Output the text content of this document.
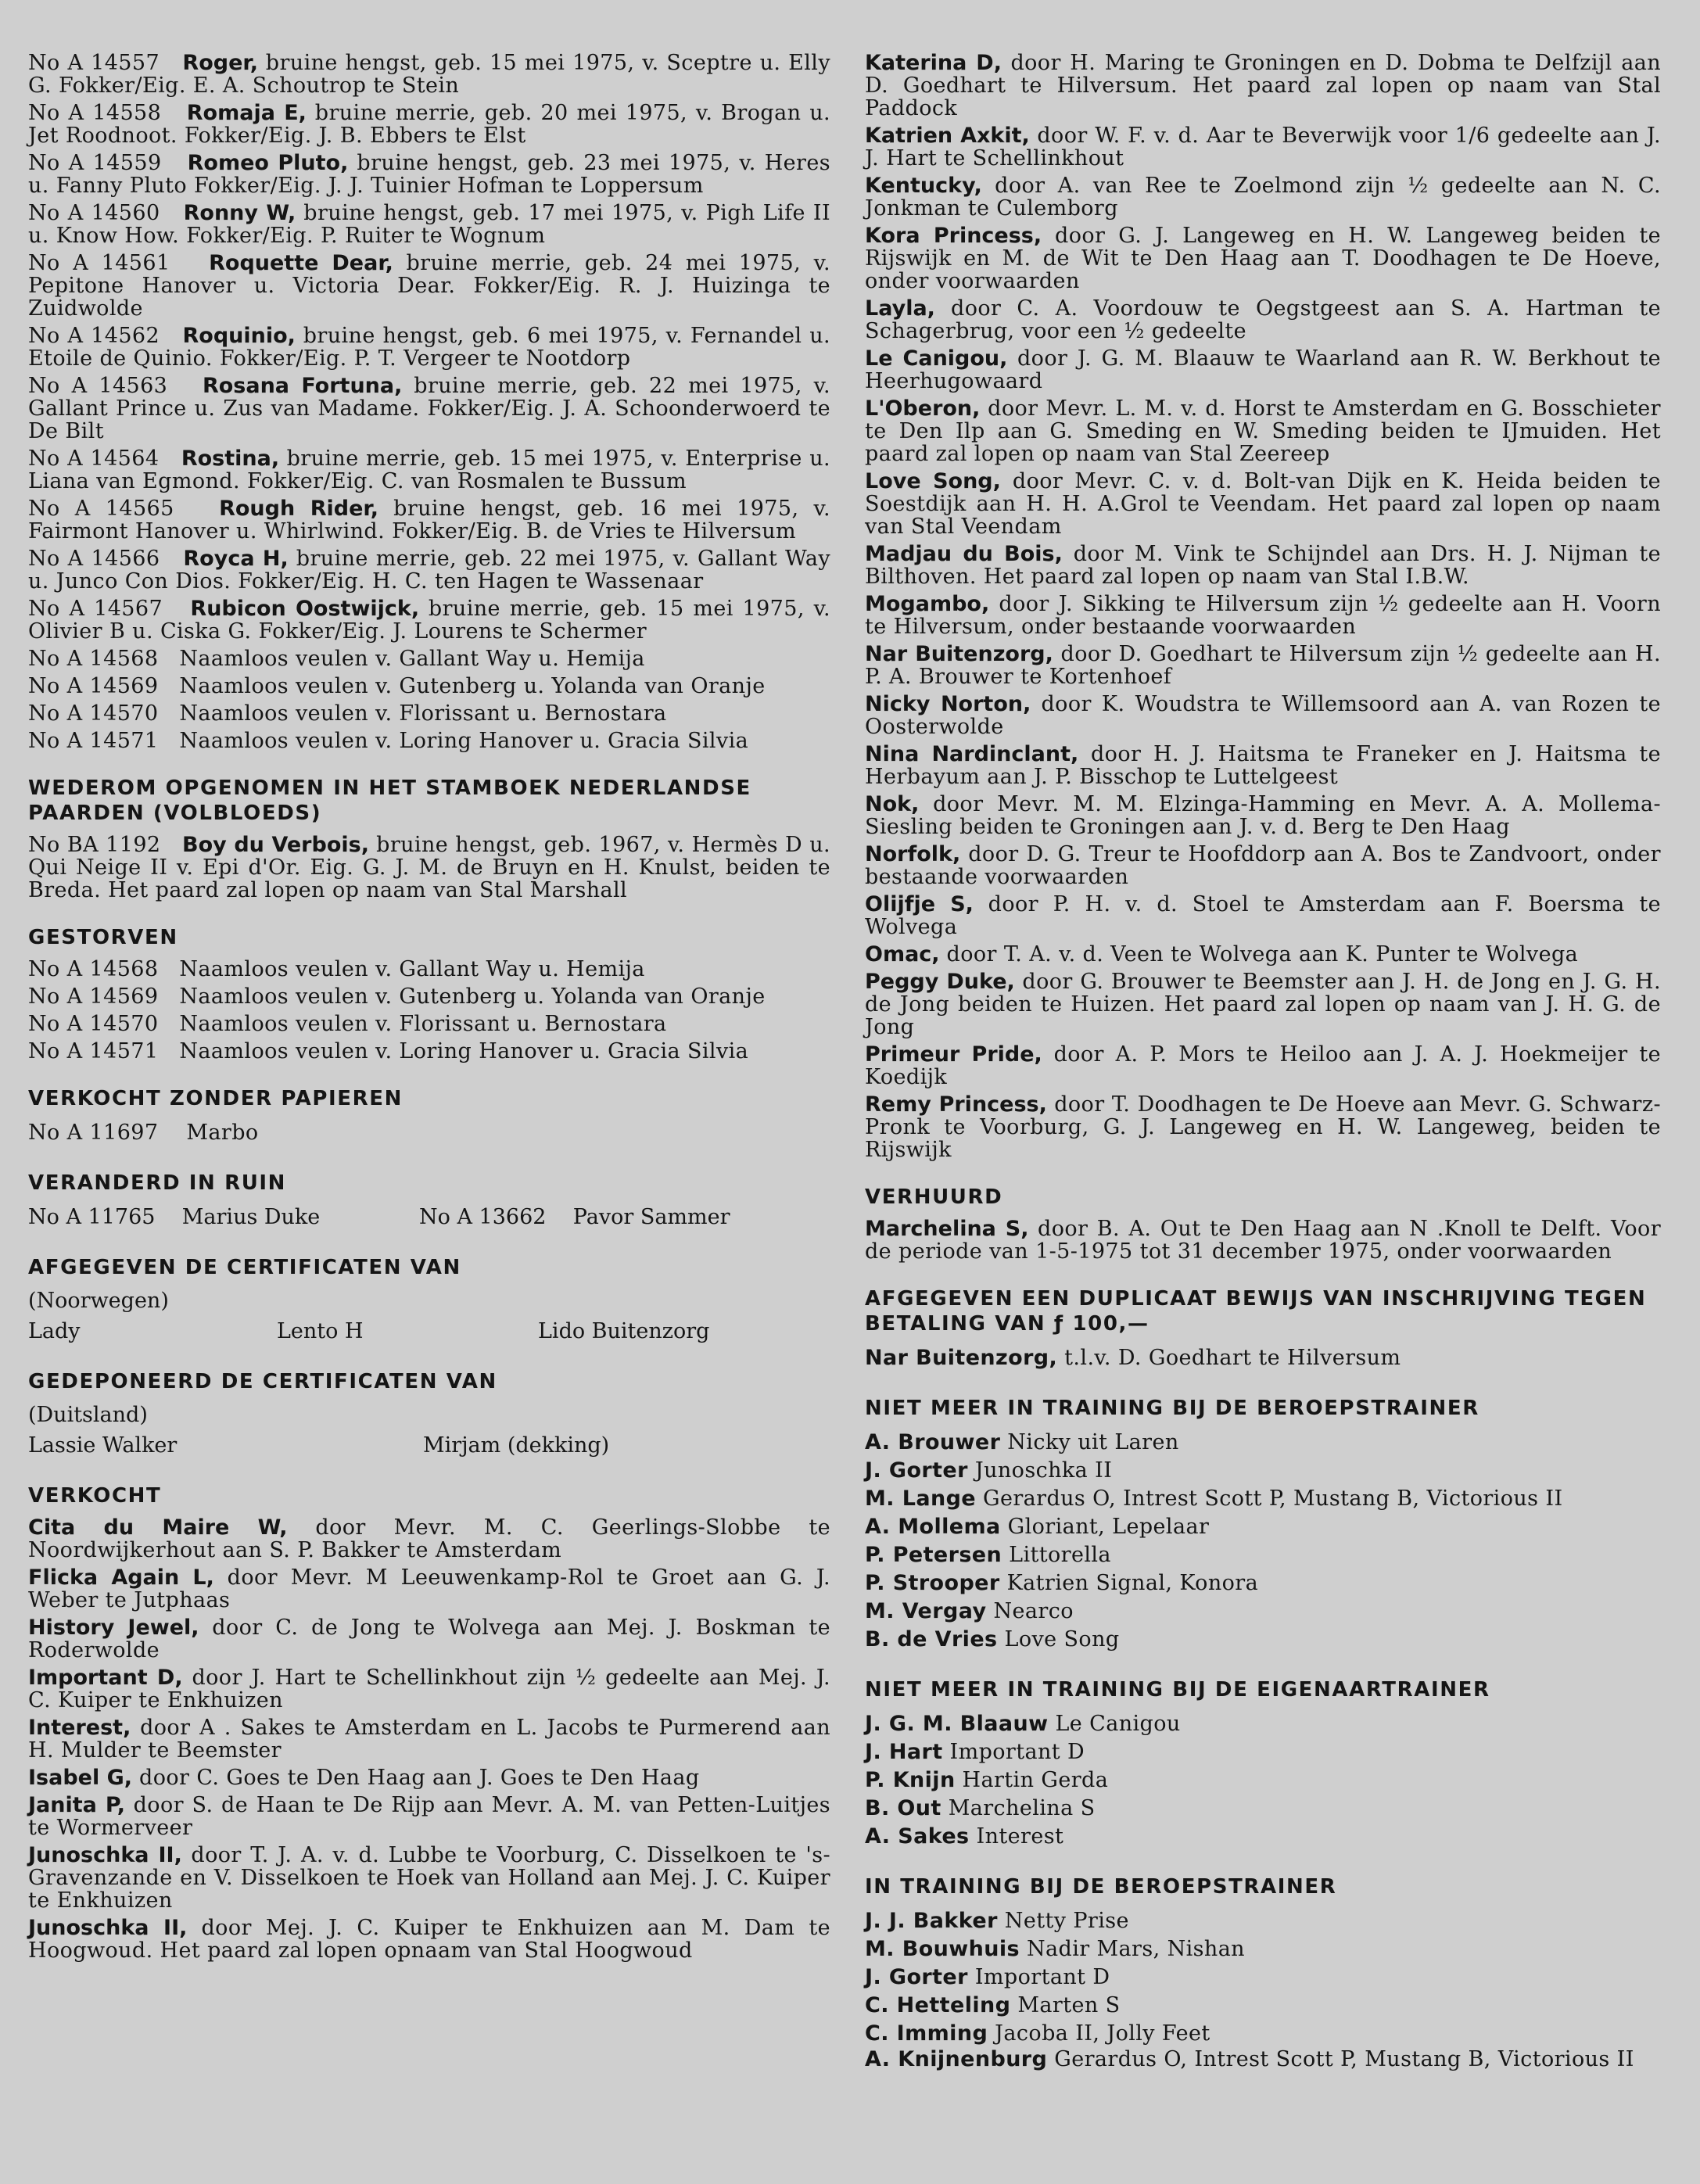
No A 14557 Roger, bruine hengst, geb. 15 mei 1975, v. Sceptre u. Elly G. Fokker/Eig. E. A. Schoutrop te Stein

No A 14558 Romaja E, bruine merrie, geb. 20 mei 1975, v. Brogan u. Jet Roodnoot. Fokker/Eig. J. B. Ebbers te Elst

No A 14559 Romeo Pluto, bruine hengst, geb. 23 mei 1975, v. Heres u. Fanny Pluto Fokker/Eig. J. J. Tuinier Hofman te Loppersum

No A 14560 Ronny W, bruine hengst, geb. 17 mei 1975, v. Pigh Life II u. Know How. Fokker/Eig. P. Ruiter te Wognum

No A 14561 Roquette Dear, bruine merrie, geb. 24 mei 1975, v. Pepitone Hanover u. Victoria Dear. Fokker/Eig. R. J. Huizinga te Zuidwolde

No A 14562 Roquinio, bruine hengst, geb. 6 mei 1975, v. Fernandel u. Etoile de Quinio. Fokker/Eig. P. T. Vergeer te Nootdorp

No A 14563 Rosana Fortuna, bruine merrie, geb. 22 mei 1975, v. Gallant Prince u. Zus van Madame. Fokker/Eig. J. A. Schoonderwoerd te De Bilt

No A 14564 Rostina, bruine merrie, geb. 15 mei 1975, v. Enterprise u. Liana van Egmond. Fokker/Eig. C. van Rosmalen te Bussum

No A 14565 Rough Rider, bruine hengst, geb. 16 mei 1975, v. Fairmont Hanover u. Whirlwind. Fokker/Eig. B. de Vries te Hilversum

No A 14566 Royca H, bruine merrie, geb. 22 mei 1975, v. Gallant Way u. Junco Con Dios. Fokker/Eig. H. C. ten Hagen te Wassenaar

No A 14567 Rubicon Oostwijck, bruine merrie, geb. 15 mei 1975, v. Olivier B u. Ciska G. Fokker/Eig. J. Lourens te Schermer

No A 14568   Naamloos veulen v. Gallant Way u. Hemija

No A 14569   Naamloos veulen v. Gutenberg u. Yolanda van Oranje

No A 14570   Naamloos veulen v. Florissant u. Bernostara

No A 14571   Naamloos veulen v. Loring Hanover u. Gracia Silvia

WEDEROM OPGENOMEN IN HET STAMBOEK NEDERLANDSE PAARDEN (VOLBLOEDS)

No BA 1192 Boy du Verbois, bruine hengst, geb. 1967, v. Hermès D u. Qui Neige II v. Epi d'Or. Eig. G. J. M. de Bruyn en H. Knulst, beiden te Breda. Het paard zal lopen op naam van Stal Marshall

GESTORVEN

No A 14568   Naamloos veulen v. Gallant Way u. Hemija

No A 14569   Naamloos veulen v. Gutenberg u. Yolanda van Oranje

No A 14570   Naamloos veulen v. Florissant u. Bernostara

No A 14571   Naamloos veulen v. Loring Hanover u. Gracia Silvia

VERKOCHT ZONDER PAPIEREN
No A 11697 Marbo
VERANDERD IN RUIN
No A 11765 Marius Duke	No A 13662 Pavor Sammer
AFGEGEVEN DE CERTIFICATEN VAN
(Noorwegen)
Lady	Lento H	Lido Buitenzorg
GEDEPONEERD DE CERTIFICATEN VAN
(Duitsland)
Lassie Walker	Mirjam (dekking)
VERKOCHT

Cita du Maire W, door Mevr. M. C. Geerlings-Slobbe te Noordwijkerhout aan S. P. Bakker te Amsterdam

Flicka Again L, door Mevr. M Leeuwenkamp-Rol te Groet aan G. J. Weber te Jutphaas

History Jewel, door C. de Jong te Wolvega aan Mej. J. Boskman te Roderwolde

Important D, door J. Hart te Schellinkhout zijn ½ gedeelte aan Mej. J. C. Kuiper te Enkhuizen

Interest, door A . Sakes te Amsterdam en L. Jacobs te Purmerend aan H. Mulder te Beemster

Isabel G, door C. Goes te Den Haag aan J. Goes te Den Haag

Janita P, door S. de Haan te De Rijp aan Mevr. A. M. van Petten-Luitjes te Wormerveer

Junoschka II, door T. J. A. v. d. Lubbe te Voorburg, C. Disselkoen te 's-Gravenzande en V. Disselkoen te Hoek van Holland aan Mej. J. C. Kuiper te Enkhuizen

Junoschka II, door Mej. J. C. Kuiper te Enkhuizen aan M. Dam te Hoogwoud. Het paard zal lopen opnaam van Stal Hoogwoud

Katerina D, door H. Maring te Groningen en D. Dobma te Delfzijl aan D. Goedhart te Hilversum. Het paard zal lopen op naam van Stal Paddock

Katrien Axkit, door W. F. v. d. Aar te Beverwijk voor 1/6 gedeelte aan J. J. Hart te Schellinkhout

Kentucky, door A. van Ree te Zoelmond zijn ½ gedeelte aan N. C. Jonkman te Culemborg

Kora Princess, door G. J. Langeweg en H. W. Langeweg beiden te Rijswijk en M. de Wit te Den Haag aan T. Doodhagen te De Hoeve, onder voorwaarden

Layla, door C. A. Voordouw te Oegstgeest aan S. A. Hartman te Schagerbrug, voor een ½ gedeelte

Le Canigou, door J. G. M. Blaauw te Waarland aan R. W. Berkhout te Heerhugowaard

L'Oberon, door Mevr. L. M. v. d. Horst te Amsterdam en G. Bosschieter te Den Ilp aan G. Smeding en W. Smeding beiden te IJmuiden. Het paard zal lopen op naam van Stal Zeereep

Love Song, door Mevr. C. v. d. Bolt-van Dijk en K. Heida beiden te Soestdijk aan H. H. A.Grol te Veendam. Het paard zal lopen op naam van Stal Veendam

Madjau du Bois, door M. Vink te Schijndel aan Drs. H. J. Nijman te Bilthoven. Het paard zal lopen op naam van Stal I.B.W.

Mogambo, door J. Sikking te Hilversum zijn ½ gedeelte aan H. Voorn te Hilversum, onder bestaande voorwaarden

Nar Buitenzorg, door D. Goedhart te Hilversum zijn ½ gedeelte aan H. P. A. Brouwer te Kortenhoef

Nicky Norton, door K. Woudstra te Willemsoord aan A. van Rozen te Oosterwolde

Nina Nardinclant, door H. J. Haitsma te Franeker en J. Haitsma te Herbayum aan J. P. Bisschop te Luttelgeest

Nok, door Mevr. M. M. Elzinga-Hamming en Mevr. A. A. Mollema-Siesling beiden te Groningen aan J. v. d. Berg te Den Haag

Norfolk, door D. G. Treur te Hoofddorp aan A. Bos te Zandvoort, onder bestaande voorwaarden

Olijfje S, door P. H. v. d. Stoel te Amsterdam aan F. Boersma te Wolvega

Omac, door T. A. v. d. Veen te Wolvega aan K. Punter te Wolvega

Peggy Duke, door G. Brouwer te Beemster aan J. H. de Jong en J. G. H. de Jong beiden te Huizen. Het paard zal lopen op naam van J. H. G. de Jong

Primeur Pride, door A. P. Mors te Heiloo aan J. A. J. Hoekmeijer te Koedijk

Remy Princess, door T. Doodhagen te De Hoeve aan Mevr. G. Schwarz-Pronk te Voorburg, G. J. Langeweg en H. W. Langeweg, beiden te Rijswijk

VERHUURD

Marchelina S, door B. A. Out te Den Haag aan N .Knoll te Delft. Voor de periode van 1-5-1975 tot 31 december 1975, onder voorwaarden

AFGEGEVEN EEN DUPLICAAT BEWIJS VAN INSCHRIJVING TEGEN BETALING VAN ƒ 100,—
Nar Buitenzorg, t.l.v. D. Goedhart te Hilversum
NIET MEER IN TRAINING BIJ DE BEROEPSTRAINER
A. Brouwer Nicky uit Laren
J. Gorter Junoschka II
M. Lange Gerardus O, Intrest Scott P, Mustang B, Victorious II
A. Mollema Gloriant, Lepelaar
P. Petersen Littorella
P. Strooper Katrien Signal, Konora
M. Vergay Nearco
B. de Vries Love Song
NIET MEER IN TRAINING BIJ DE EIGENAARTRAINER
J. G. M. Blaauw Le Canigou
J. Hart Important D
P. Knijn Hartin Gerda
B. Out Marchelina S
A. Sakes Interest
IN TRAINING BIJ DE BEROEPSTRAINER
J. J. Bakker Netty Prise
M. Bouwhuis Nadir Mars, Nishan
J. Gorter Important D
C. Hetteling Marten S
C. Imming Jacoba II, Jolly Feet
A. Knijnenburg Gerardus O, Intrest Scott P, Mustang B, Victorious II
